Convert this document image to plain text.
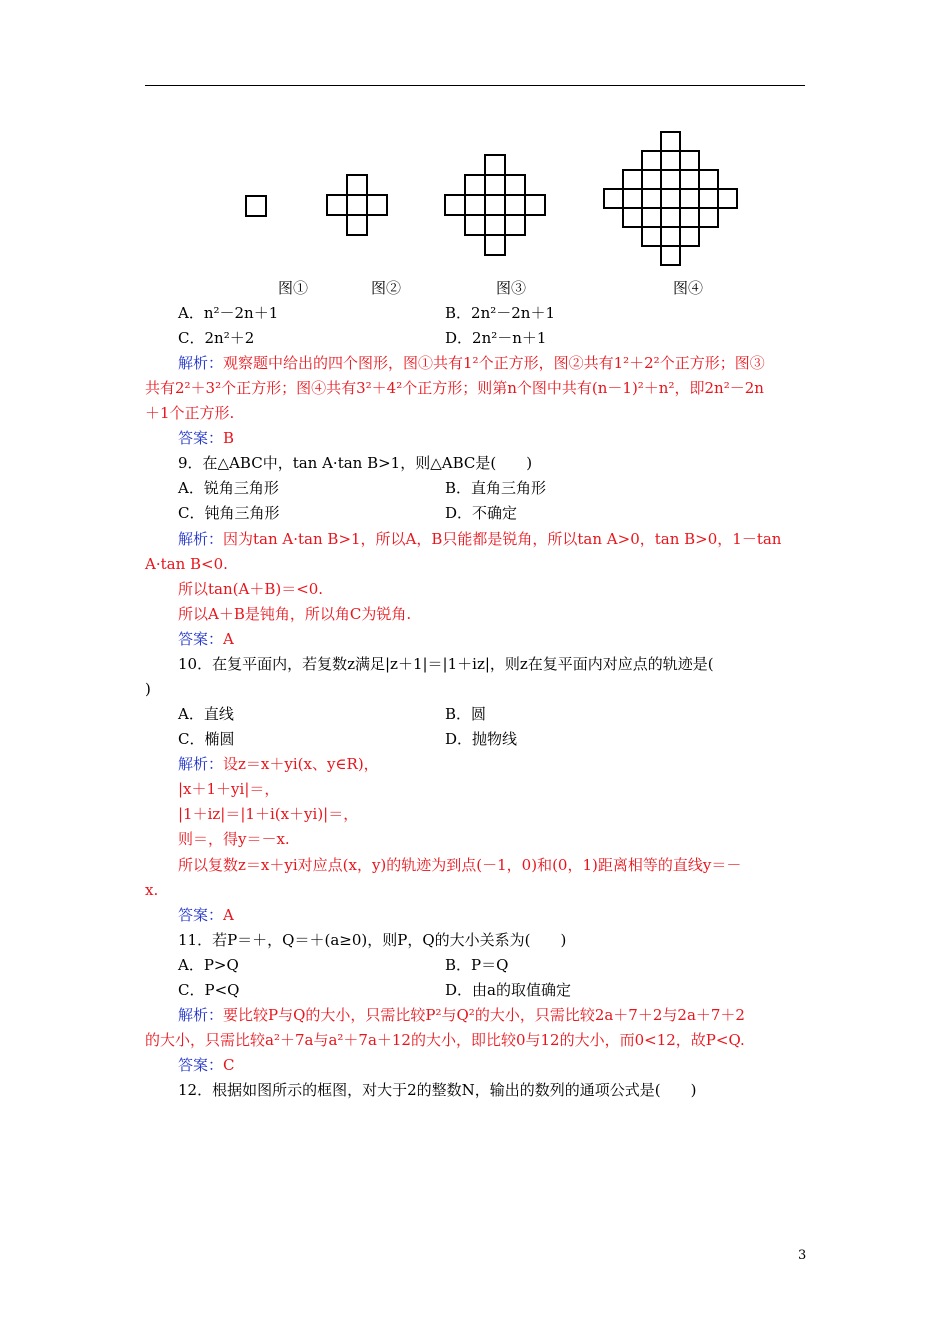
图①	图②	图③	图④
A．n²－2n＋1	B．2n²－2n＋1
C．2n²＋2	D．2n²－n＋1
解析：观察题中给出的四个图形，图①共有1²个正方形，图②共有1²＋2²个正方形；图③
共有2²＋3²个正方形；图④共有3²＋4²个正方形；则第n个图中共有(n－1)²＋n²，即2n²－2n
＋1个正方形.
答案：B
9．在△ABC中，tan A·tan B>1，则△ABC是(　　)
A．锐角三角形	B．直角三角形
C．钝角三角形	D．不确定
解析：因为tan A·tan B>1，所以A，B只能都是锐角，所以tan A>0，tan B>0，1－tan
A·tan B<0.
所以tan(A＋B)＝<0.
所以A＋B是钝角，所以角C为锐角.
答案：A
10．在复平面内，若复数z满足|z＋1|＝|1＋iz|，则z在复平面内对应点的轨迹是(
)
A．直线	B．圆
C．椭圆	D．抛物线
解析：设z＝x＋yi(x、y∈R)，
|x＋1＋yi|＝，
|1＋iz|＝|1＋i(x＋yi)|＝，
则＝，得y＝－x.
所以复数z＝x＋yi对应点(x，y)的轨迹为到点(－1，0)和(0，1)距离相等的直线y＝－
x.
答案：A
11．若P＝＋，Q＝＋(a≥0)，则P，Q的大小关系为(　　)
A．P>Q	B．P＝Q
C．P<Q	D．由a的取值确定
解析：要比较P与Q的大小，只需比较P²与Q²的大小，只需比较2a＋7＋2与2a＋7＋2
的大小，只需比较a²＋7a与a²＋7a＋12的大小，即比较0与12的大小，而0<12，故P<Q.
答案：C
12．根据如图所示的框图，对大于2的整数N，输出的数列的通项公式是(　　)
3
